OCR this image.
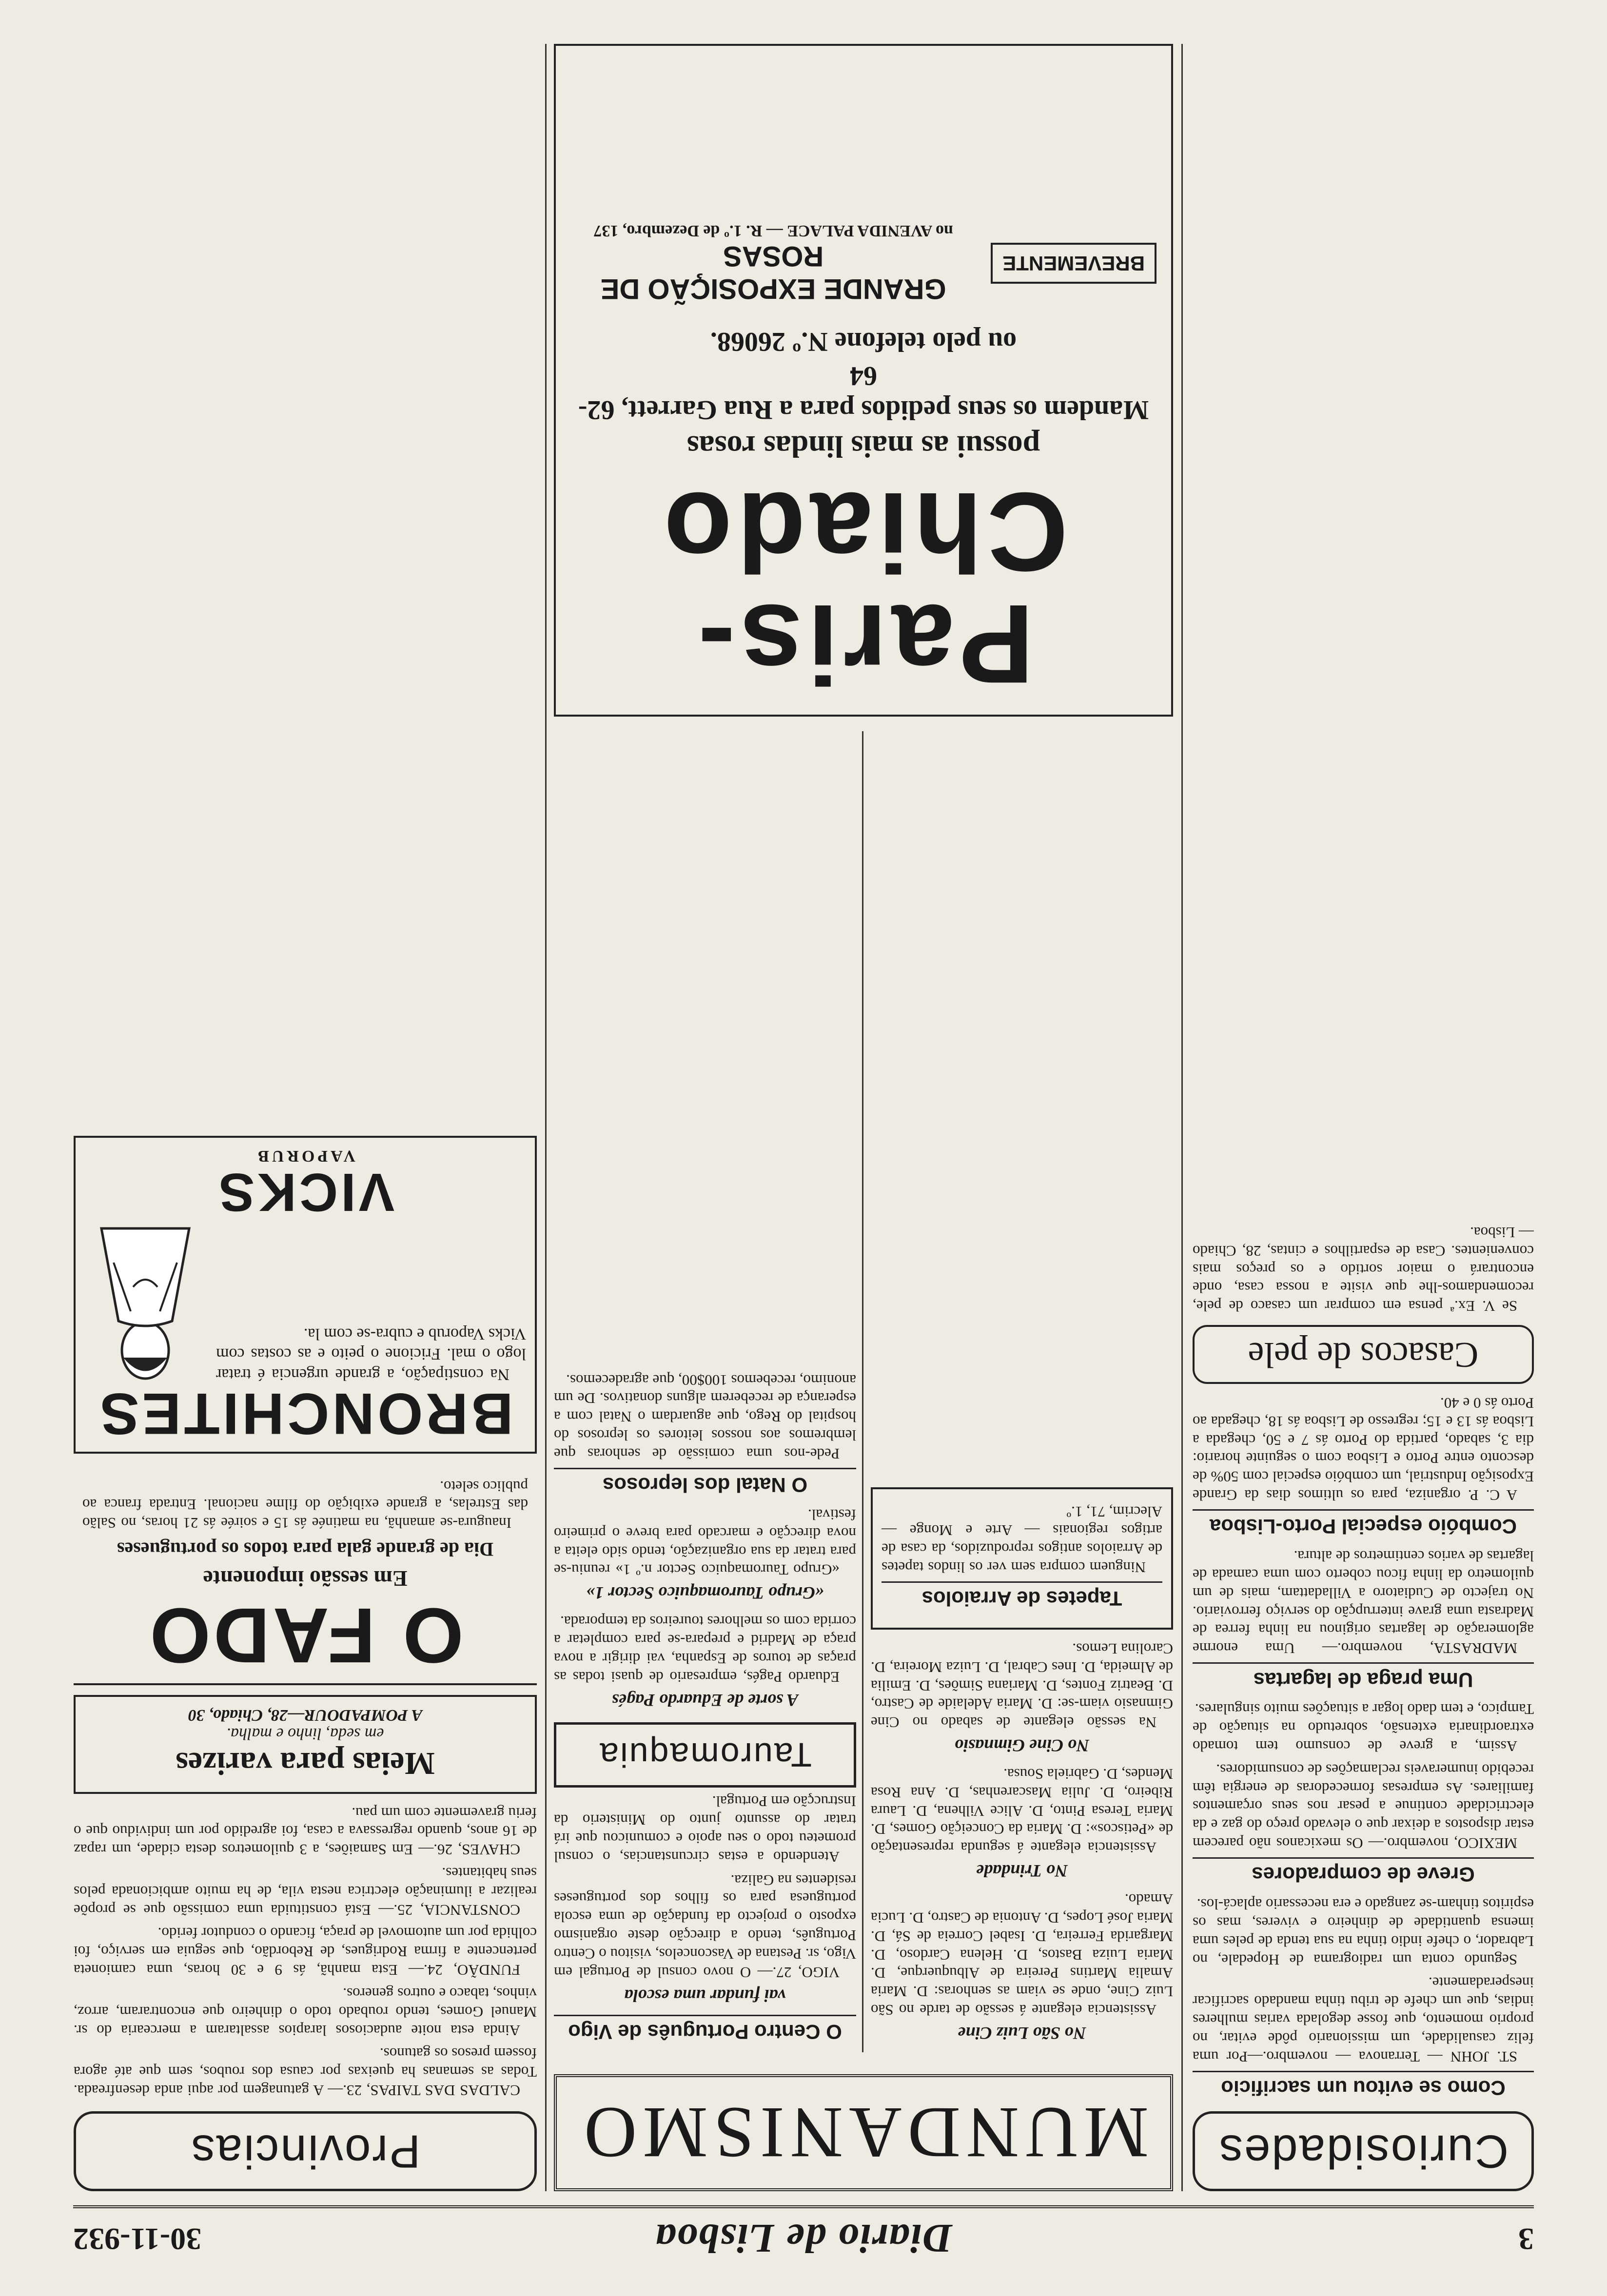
3
Diario de Lisboa
30-11-932
Curiosidades
Como se evitou um sacrificio

ST. JOHN — Terranova — novembro.—Por uma feliz casualidade, um missionario pôde evitar, no proprio momento, que fosse degolada varias mulheres indias, que um chefe de tribu tinha mandado sacrificar inesperadamente.

Segundo conta um radiograma de Hopedale, no Labrador, o chefe indio tinha na sua tenda de peles uma imensa quantidade de dinheiro e viveres, mas os espiritos tinham-se zangado e era necessario aplacá-los.

Greve de compradores

MEXICO, novembro.— Os mexicanos não parecem estar dispostos a deixar que o elevado preço do gaz e da electricidade continue a pesar nos seus orçamentos familiares. As empresas fornecedoras de energia têm recebido inumeraveis reclamações de consumidores.

Assim, a greve de consumo tem tomado extraordinaria extensão, sobretudo na situação de Tampico, e tem dado logar a situações muito singulares.

Uma praga de lagartas

MADRASTA, novembro.— Uma enorme aglomeração de lagartas originou na linha ferrea de Madrasta uma grave interrupção do serviço ferroviario. No trajecto de Cudiatoro a Villadattam, mais de um quilometro da linha ficou coberto com uma camada de lagartas de varios centimetros de altura.

Combóio especial Porto-Lisboa

A C. P. organiza, para os ultimos dias da Grande Exposição Industrial, um combóio especial com 50% de desconto entre Porto e Lisboa com o seguinte horario: dia 3, sabado, partida do Porto ás 7 e 50, chegada a Lisboa ás 13 e 15; regresso de Lisboa ás 18, chegada ao Porto ás 0 e 40.

Casacos de pele

Se V. Ex.ª pensa em comprar um casaco de pele, recomendamos-lhe que visite a nossa casa, onde encontrará o maior sortido e os preços mais convenientes. Casa de espartilhos e cintas, 28, Chiado — Lisboa.

MUNDANISMO
No São Luiz Cine

Assistencia elegante á sessão de tarde no São Luiz Cine, onde se viam as senhoras: D. Maria Amalia Martins Pereira de Albuquerque, D. Maria Luiza Bastos, D. Helena Cardoso, D. Margarida Ferreira, D. Isabel Correia de Sá, D. Maria José Lopes, D. Antonia de Castro, D. Lucia Amado.

No Trindade

Assistencia elegante á segunda representação de «Petiscos»: D. Maria da Conceição Gomes, D. Maria Teresa Pinto, D. Alice Vilhena, D. Laura Ribeiro, D. Julia Mascarenhas, D. Ana Rosa Mendes, D. Gabriela Sousa.

No Cine Gimnasio

Na sessão elegante de sabado no Cine Gimnasio viam-se: D. Maria Adelaide de Castro, D. Beatriz Fontes, D. Mariana Simões, D. Emilia de Almeida, D. Ines Cabral, D. Luiza Moreira, D. Carolina Lemos.

Tapetes de Arraiolos

Ninguem compra sem ver os lindos tapetes de Arraiolos antigos reproduzidos, da casa de artigos regionais — Arte e Monge — Alecrim, 71, 1.º

O Centro Português de Vigo
vai fundar uma escola

VIGO, 27.— O novo consul de Portugal em Vigo, sr. Pestana de Vasconcelos, visitou o Centro Português, tendo a direcção deste organismo exposto o projecto da fundação de uma escola portuguesa para os filhos dos portugueses residentes na Galiza.

Atendendo a estas circunstancias, o consul prometeu todo o seu apoio e comunicou que irá tratar do assunto junto do Ministerio da Instrucção em Portugal.

Tauromaquia
A sorte de Eduardo Pagés

Eduardo Pagés, empresario de quasi todas as praças de touros de Espanha, vai dirigir a nova praça de Madrid e prepara-se para completar a corrida com os melhores toureiros da temporada.

«Grupo Tauromaquico Sector 1»

«Grupo Tauromaquico Sector n.º 1» reuniu-se para tratar da sua organização, tendo sido eleita a nova direcção e marcado para breve o primeiro festival.

O Natal dos leprosos

Pede-nos uma comissão de senhoras que lembremos aos nossos leitores os leprosos do hospital do Rego, que aguardam o Natal com a esperança de receberem alguns donativos. De um anonimo, recebemos 100$00, que agradecemos.

Paris-Chiado
possui as mais lindas rosas
Mandem os seus pedidos para a Rua Garrett, 62-64
ou pelo telefone N.º 26068.
BREVEMENTE
GRANDE EXPOSIÇÃO DE ROSAS
no AVENIDA PALACE — R. 1.º de Dezembro, 137
Provincias

CALDAS DAS TAIPAS, 23.— A gatunagem por aqui anda desenfreada. Todas as semanas ha queixas por causa dos roubos, sem que até agora fossem presos os gatunos.

Ainda esta noite audaciosos larapios assaltaram a mercearia do sr. Manuel Gomes, tendo roubado todo o dinheiro que encontraram, arroz, vinhos, tabaco e outros generos.

FUNDÃO, 24.— Esta manhã, ás 9 e 30 horas, uma camioneta pertencente a firma Rodrigues, de Rebordão, que seguia em serviço, foi colhida por um automovel de praça, ficando o condutor ferido.

CONSTANCIA, 25.— Está constituida uma comissão que se propõe realizar a iluminação electrica nesta vila, de ha muito ambicionada pelos seus habitantes.

CHAVES, 26.— Em Samaiões, a 3 quilometros desta cidade, um rapaz de 16 anos, quando regressava a casa, foi agredido por um individuo que o feriu gravemente com um pau.

Meias para varizes
em seda, linho e malha.
A POMPADOUR—28, Chiado, 30
O FADO
Em sessão imponente
Dia de grande gala para todos os portugueses

Inaugura-se amanhã, na matinée ás 15 e soirée ás 21 horas, no Salão das Estrelas, a grande exibição do filme nacional. Entrada franca ao publico seleto.

BRONCHITES

Na constipação, a grande urgencia é tratar logo o mal. Fricione o peito e as costas com Vicks Vaporub e cubra-se com la.

VICKS
VAPORUB
